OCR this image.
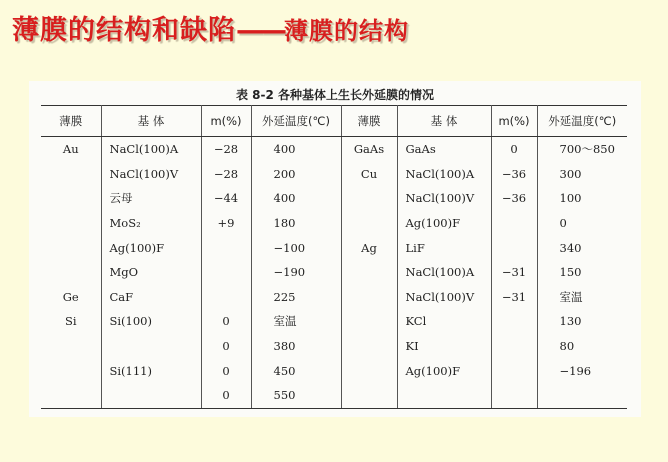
薄膜的结构和缺陷——薄膜的结构
表 8-2 各种基体上生长外延膜的情况
薄膜	基 体	m(%)	外延温度(℃)	薄膜	基 体	m(%)	外延温度(℃)
Au	NaCl(100)A	−28	400	GaAs	GaAs	0	700～850
	NaCl(100)V	−28	200	Cu	NaCl(100)A	−36	300
	云母	−44	400		NaCl(100)V	−36	100
	MoS₂	+9	180		Ag(100)F		0
	Ag(100)F		−100	Ag	LiF		340
	MgO		−190		NaCl(100)A	−31	150
Ge	CaF		225		NaCl(100)V	−31	室温
Si	Si(100)	0	室温		KCl		130
		0	380		KI		80
	Si(111)	0	450		Ag(100)F		−196
		0	550				
